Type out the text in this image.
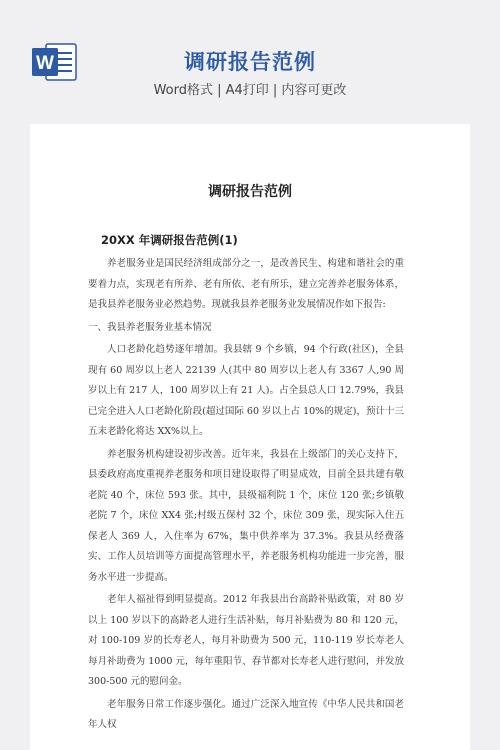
W	调研报告范例
Word格式 | A4打印 | 内容可更改
调研报告范例
20XX 年调研报告范例(1)

养老服务业是国民经济组成部分之一，是改善民生、构建和谐社会的重要着力点，实现老有所养、老有所依、老有所乐，建立完善养老服务体系，是我县养老服务业必然趋势。现就我县养老服务业发展情况作如下报告:

一、我县养老服务业基本情况

人口老龄化趋势逐年增加。我县辖 9 个乡镇，94 个行政(社区)，全县现有 60 周岁以上老人 22139 人(其中 80 周岁以上老人有 3367 人,90 周岁以上有 217 人，100 周岁以上有 21 人)。占全县总人口 12.79%，我县已完全进入人口老龄化阶段(超过国际 60 岁以上占 10%的规定)，预计十三五末老龄化将达 XX%以上。

养老服务机构建设初步改善。近年来，我县在上级部门的关心支持下，县委政府高度重视养老服务和项目建设取得了明显成效，目前全县共建有敬老院 40 个，床位 593 张。其中，县级福利院 1 个，床位 120 张;乡镇敬老院 7 个，床位 XX4 张;村级五保村 32 个，床位 309 张，现实际入住五保老人 369 人，入住率为 67%，集中供养率为 37.3%。我县从经费落实、工作人员培训等方面提高管理水平，养老服务机构功能进一步完善，服务水平进一步提高。

老年人福祉得到明显提高。2012 年我县出台高龄补贴政策，对 80 岁以上 100 岁以下的高龄老人进行生活补贴，每月补贴费为 80 和 120 元，对 100-109 岁的长寿老人，每月补助费为 500 元，110-119 岁长寿老人每月补助费为 1000 元，每年重阳节、春节都对长寿老人进行慰问，并发放 300-500 元的慰问金。

老年服务日常工作逐步强化。通过广泛深入地宣传《中华人民共和国老年人权
